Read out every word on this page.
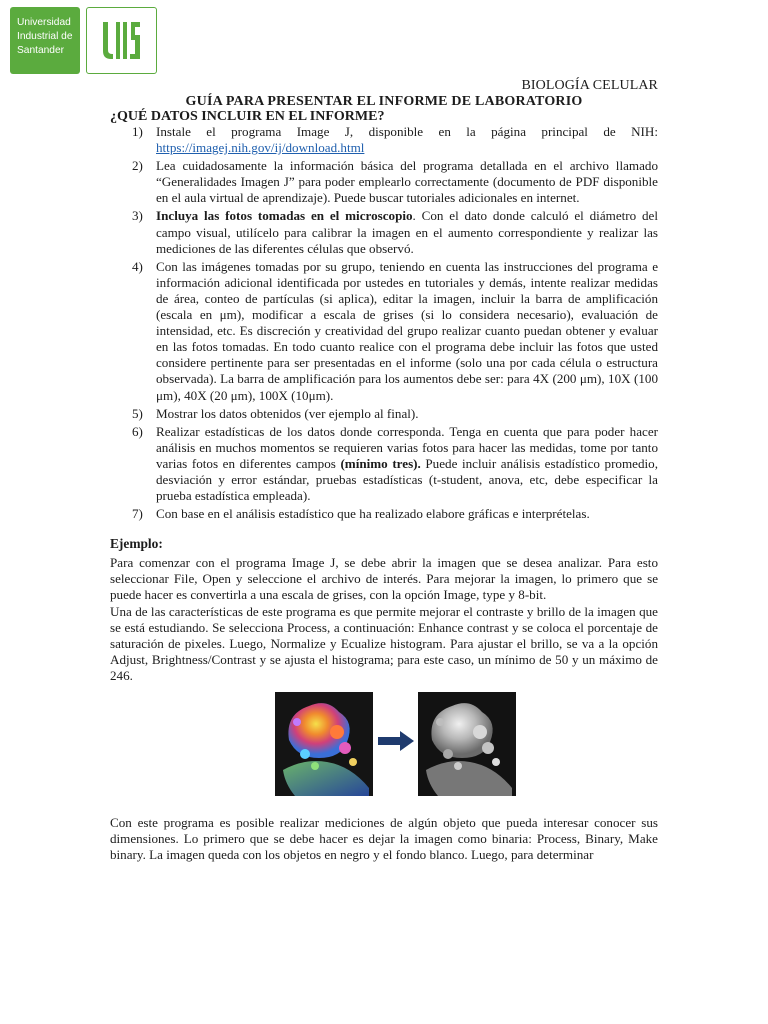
Universidad
Industrial de
Santander
BIOLOGÍA CELULAR
GUÍA PARA PRESENTAR EL INFORME DE LABORATORIO
¿QUÉ DATOS INCLUIR EN EL INFORME?
1) Instale el programa Image J, disponible en la página principal de NIH: https://imagej.nih.gov/ij/download.html
2) Lea cuidadosamente la información básica del programa detallada en el archivo llamado “Generalidades Imagen J” para poder emplearlo correctamente (documento de PDF disponible en el aula virtual de aprendizaje). Puede buscar tutoriales adicionales en internet.
3) Incluya las fotos tomadas en el microscopio. Con el dato donde calculó el diámetro del campo visual, utilícelo para calibrar la imagen en el aumento correspondiente y realizar las mediciones de las diferentes células que observó.
4) Con las imágenes tomadas por su grupo, teniendo en cuenta las instrucciones del programa e información adicional identificada por ustedes en tutoriales y demás, intente realizar medidas de área, conteo de partículas (si aplica), editar la imagen, incluir la barra de amplificación (escala en μm), modificar a escala de grises (si lo considera necesario), evaluación de intensidad, etc. Es discreción y creatividad del grupo realizar cuanto puedan obtener y evaluar en las fotos tomadas. En todo cuanto realice con el programa debe incluir las fotos que usted considere pertinente para ser presentadas en el informe (solo una por cada célula o estructura observada). La barra de amplificación para los aumentos debe ser: para 4X (200 μm), 10X (100 μm), 40X (20 μm), 100X (10μm).
5) Mostrar los datos obtenidos (ver ejemplo al final).
6) Realizar estadísticas de los datos donde corresponda. Tenga en cuenta que para poder hacer análisis en muchos momentos se requieren varias fotos para hacer las medidas, tome por tanto varias fotos en diferentes campos (mínimo tres). Puede incluir análisis estadístico promedio, desviación y error estándar, pruebas estadísticas (t-student, anova, etc, debe especificar la prueba estadística empleada).
7) Con base en el análisis estadístico que ha realizado elabore gráficas e interprételas.
Ejemplo:

Para comenzar con el programa Image J, se debe abrir la imagen que se desea analizar. Para esto seleccionar File, Open y seleccione el archivo de interés. Para mejorar la imagen, lo primero que se puede hacer es convertirla a una escala de grises, con la opción Image, type y 8-bit.

Una de las características de este programa es que permite mejorar el contraste y brillo de la imagen que se está estudiando. Se selecciona Process, a continuación: Enhance contrast y se coloca el porcentaje de saturación de pixeles. Luego, Normalize y Ecualize histogram. Para ajustar el brillo, se va a la opción Adjust, Brightness/Contrast y se ajusta el histograma; para este caso, un mínimo de 50 y un máximo de 246.

Con este programa es posible realizar mediciones de algún objeto que pueda interesar conocer sus dimensiones. Lo primero que se debe hacer es dejar la imagen como binaria: Process, Binary, Make binary. La imagen queda con los objetos en negro y el fondo blanco. Luego, para determinar
